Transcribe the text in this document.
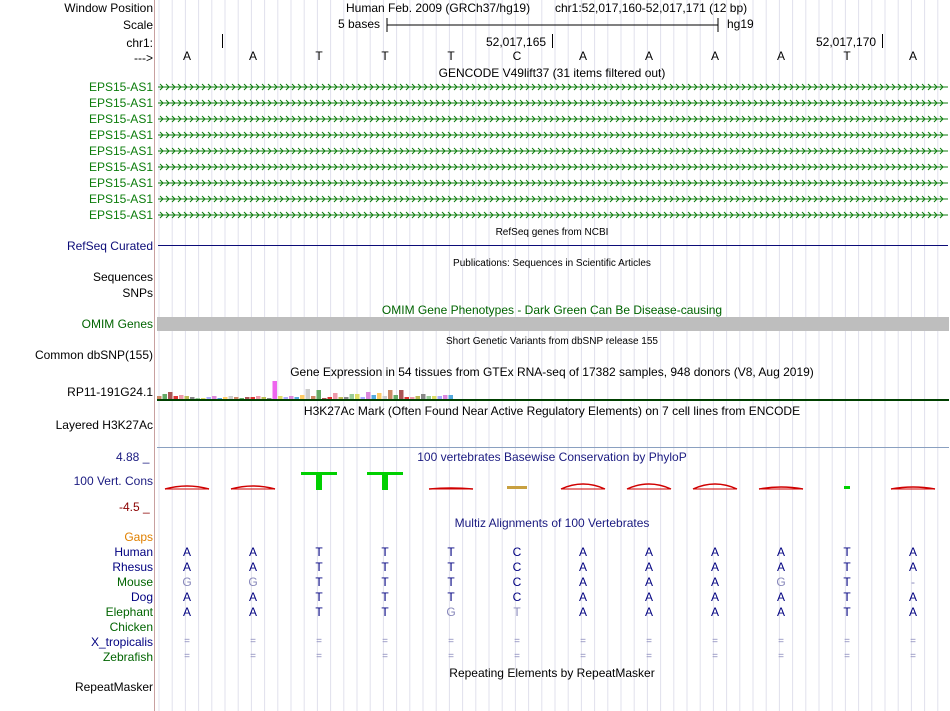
Window Position
Scale
chr1:
--->
Human Feb. 2009 (GRCh37/hg19) chr1:52,017,160-52,017,171 (12 bp)
5 bases	hg19
52,017,165	52,017,170
A	A	T	T	T	C	A	A	A	A	T	A
GENCODE V49lift37 (31 items filtered out)
EPS15-AS1
EPS15-AS1
EPS15-AS1
EPS15-AS1
EPS15-AS1
EPS15-AS1
EPS15-AS1
EPS15-AS1
EPS15-AS1
RefSeq genes from NCBI
RefSeq Curated
Publications: Sequences in Scientific Articles
Sequences
SNPs
OMIM Gene Phenotypes - Dark Green Can Be Disease-causing
OMIM Genes
Short Genetic Variants from dbSNP release 155
Common dbSNP(155)
Gene Expression in 54 tissues from GTEx RNA-seq of 17382 samples, 948 donors (V8, Aug 2019)
RP11-191G24.1
H3K27Ac Mark (Often Found Near Active Regulatory Elements) on 7 cell lines from ENCODE
Layered H3K27Ac
100 vertebrates Basewise Conservation by PhyloP
4.88 _
100 Vert. Cons
-4.5 _
Multiz Alignments of 100 Vertebrates
Gaps
Human A	A	T	T	T	C	A	A	A	A	T	A
Rhesus A	A	T	T	T	C	A	A	A	A	T	A
Mouse G	G	T	T	T	C	A	A	A	G	T	-
Dog A	A	T	T	T	C	A	A	A	A	T	A
Elephant A	A	T	T	G	T	A	A	A	A	T	A
Chicken
X_tropicalis	=	=	=	=	=	=	=	=	=	=	=	=
Zebrafish	=	=	=	=	=	=	=	=	=	=	=	=
Repeating Elements by RepeatMasker
RepeatMasker
